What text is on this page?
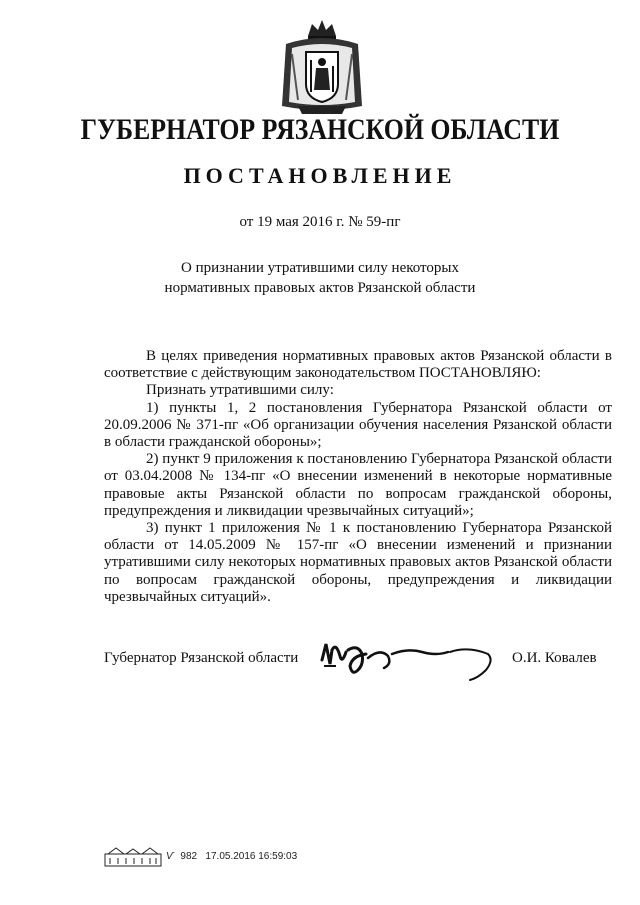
ГУБЕРНАТОР РЯЗАНСКОЙ ОБЛАСТИ
ПОСТАНОВЛЕНИЕ
от 19 мая 2016 г. № 59-пг
О признании утратившими силу некоторых
нормативных правовых актов Рязанской области

В целях приведения нормативных правовых актов Рязанской области в соответствие с действующим законодательством ПОСТАНОВЛЯЮ:

Признать утратившими силу:

1) пункты 1, 2 постановления Губернатора Рязанской области от 20.09.2006 № 371-пг «Об организации обучения населения Рязанской области в области гражданской обороны»;

2) пункт 9 приложения к постановлению Губернатора Рязанской области от 03.04.2008 № 134-пг «О внесении изменений в некоторые нормативные правовые акты Рязанской области по вопросам гражданской обороны, предупреждения и ликвидации чрезвычайных ситуаций»;

3) пункт 1 приложения № 1 к постановлению Губернатора Рязанской области от 14.05.2009 № 157-пг «О внесении изменений и признании утратившими силу некоторых нормативных правовых актов Рязанской области по вопросам гражданской обороны, предупреждения и ликвидации чрезвычайных ситуаций».

Губернатор Рязанской области	О.И. Ковалев
Ѵ 982 17.05.2016 16:59:03
